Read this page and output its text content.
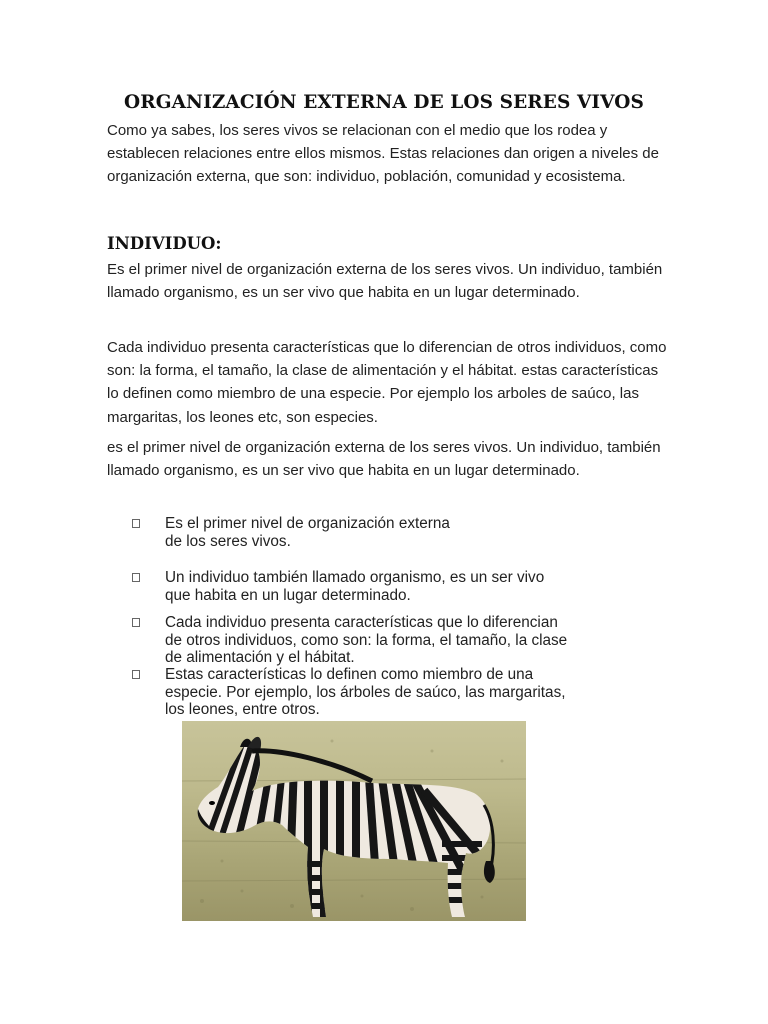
ORGANIZACIÓN EXTERNA DE LOS SERES VIVOS

Como ya sabes, los seres vivos se relacionan con el medio que los rodea y establecen relaciones entre ellos mismos. Estas relaciones dan origen a niveles de organización externa, que son: individuo, población, comunidad y ecosistema.

INDIVIDUO:

Es el primer nivel de organización externa de los seres vivos. Un individuo, también llamado organismo, es un ser vivo que habita en un lugar determinado.

Cada individuo presenta características que lo diferencian de otros individuos, como son: la forma, el tamaño, la clase de alimentación y el hábitat. estas características lo definen como miembro de una especie. Por ejemplo los arboles de saúco, las margaritas, los leones etc, son especies.

es el primer nivel de organización externa de los seres vivos. Un individuo, también llamado organismo, es un ser vivo que habita en un lugar determinado.

Es el primer nivel de organización externa
de los seres vivos.
Un individuo también llamado organismo, es un ser vivo
que habita en un lugar determinado.
Cada individuo presenta características que lo diferencian
de otros individuos, como son: la forma, el tamaño, la clase
de alimentación y el hábitat.
Estas características lo definen como miembro de una
especie. Por ejemplo, los árboles de saúco, las margaritas,
los leones, entre otros.
